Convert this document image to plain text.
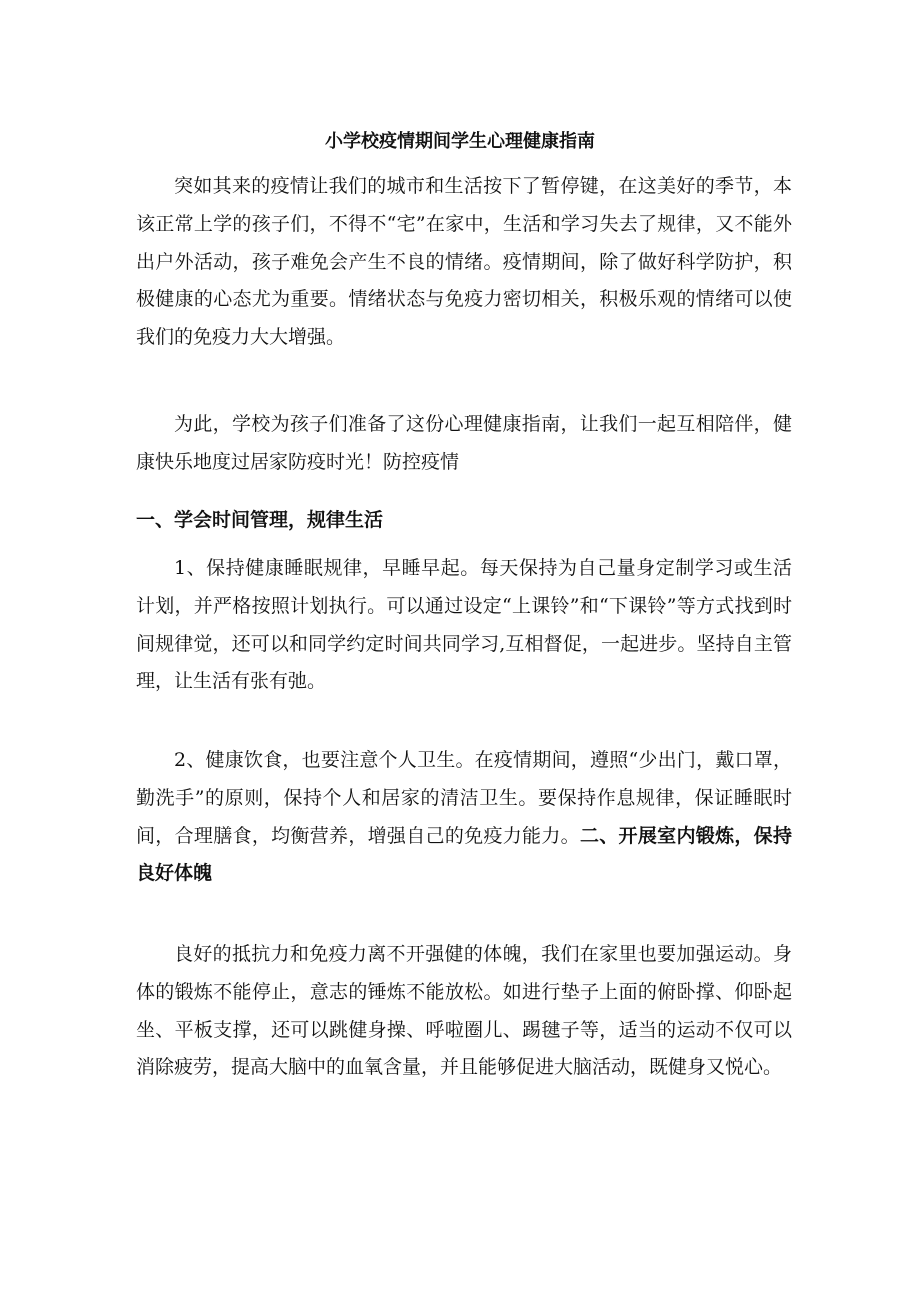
小学校疫情期间学生心理健康指南

突如其来的疫情让我们的城市和生活按下了暂停键，在这美好的季节，本该正常上学的孩子们，不得不“宅”在家中，生活和学习失去了规律，又不能外出户外活动，孩子难免会产生不良的情绪。疫情期间，除了做好科学防护，积极健康的心态尤为重要。情绪状态与免疫力密切相关，积极乐观的情绪可以使我们的免疫力大大增强。

为此，学校为孩子们准备了这份心理健康指南，让我们一起互相陪伴，健康快乐地度过居家防疫时光！防控疫情

一、学会时间管理，规律生活

1、保持健康睡眠规律，早睡早起。每天保持为自己量身定制学习或生活计划，并严格按照计划执行。可以通过设定“上课铃”和“下课铃”等方式找到时间规律觉，还可以和同学约定时间共同学习,互相督促，一起进步。坚持自主管理，让生活有张有弛。

2、健康饮食，也要注意个人卫生。在疫情期间，遵照“少出门，戴口罩，勤洗手”的原则，保持个人和居家的清洁卫生。要保持作息规律，保证睡眠时间，合理膳食，均衡营养，增强自己的免疫力能力。二、开展室内锻炼，保持良好体魄

良好的抵抗力和免疫力离不开强健的体魄，我们在家里也要加强运动。身体的锻炼不能停止，意志的锤炼不能放松。如进行垫子上面的俯卧撑、仰卧起坐、平板支撑，还可以跳健身操、呼啦圈儿、踢毽子等，适当的运动不仅可以消除疲劳，提高大脑中的血氧含量，并且能够促进大脑活动，既健身又悦心。
